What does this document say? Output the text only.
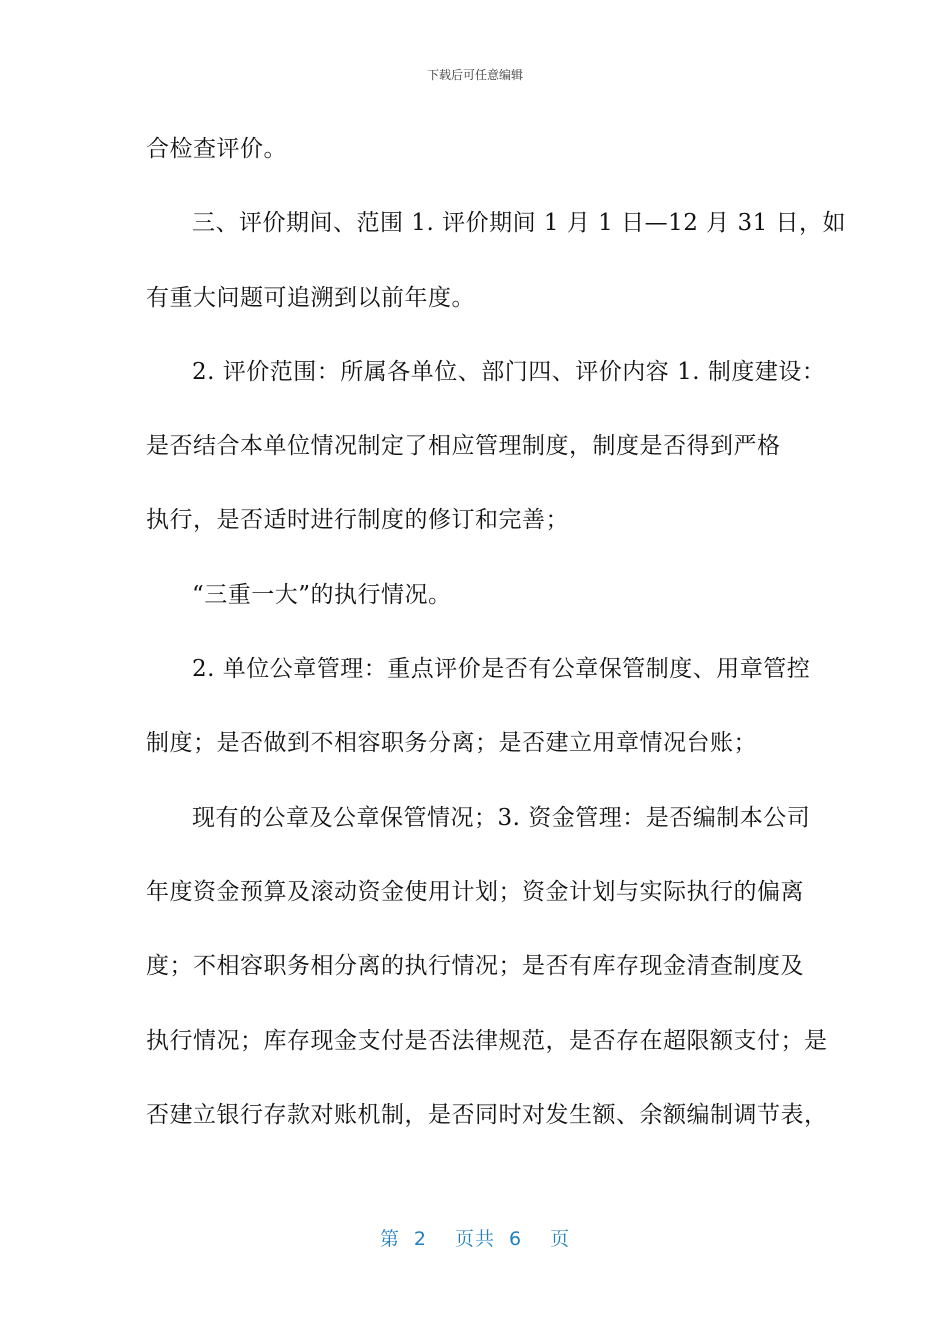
下载后可任意编辑
合检查评价。
三、评价期间、范围 1. 评价期间 1 月 1 日—12 月 31 日，如
有重大问题可追溯到以前年度。
2. 评价范围：所属各单位、部门四、评价内容 1. 制度建设：
是否结合本单位情况制定了相应管理制度，制度是否得到严格
执行，是否适时进行制度的修订和完善；
“三重一大”的执行情况。
2. 单位公章管理：重点评价是否有公章保管制度、用章管控
制度；是否做到不相容职务分离；是否建立用章情况台账；
现有的公章及公章保管情况；3. 资金管理：是否编制本公司
年度资金预算及滚动资金使用计划；资金计划与实际执行的偏离
度；不相容职务相分离的执行情况；是否有库存现金清查制度及
执行情况；库存现金支付是否法律规范，是否存在超限额支付；是
否建立银行存款对账机制，是否同时对发生额、余额编制调节表，
第 2 页共 6 页
